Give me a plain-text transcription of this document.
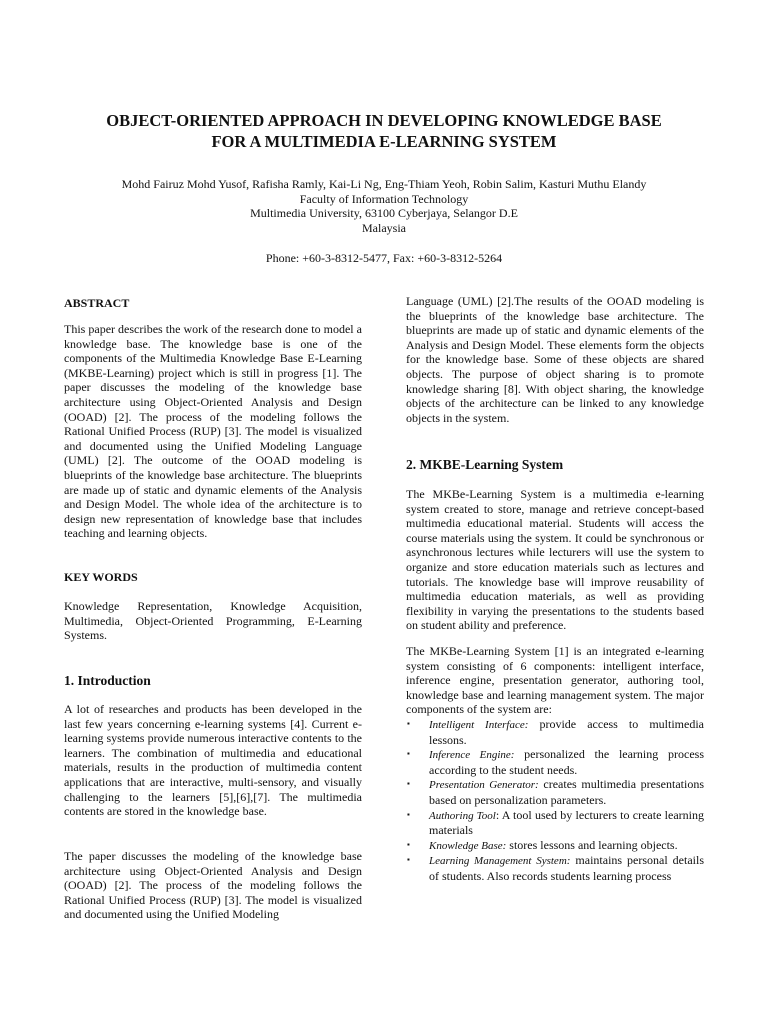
OBJECT-ORIENTED APPROACH IN DEVELOPING KNOWLEDGE BASE
FOR A MULTIMEDIA E-LEARNING SYSTEM
Mohd Fairuz Mohd Yusof, Rafisha Ramly, Kai-Li Ng, Eng-Thiam Yeoh, Robin Salim, Kasturi Muthu Elandy
Faculty of Information Technology
Multimedia University, 63100 Cyberjaya, Selangor D.E
Malaysia
Phone: +60-3-8312-5477, Fax: +60-3-8312-5264
ABSTRACT

This paper describes the work of the research done to model a knowledge base. The knowledge base is one of the components of the Multimedia Knowledge Base E-Learning (MKBE-Learning) project which is still in progress [1]. The paper discusses the modeling of the knowledge base architecture using Object-Oriented Analysis and Design (OOAD) [2]. The process of the modeling follows the Rational Unified Process (RUP) [3]. The model is visualized and documented using the Unified Modeling Language (UML) [2]. The outcome of the OOAD modeling is blueprints of the knowledge base architecture. The blueprints are made up of static and dynamic elements of the Analysis and Design Model. The whole idea of the architecture is to design new representation of knowledge base that includes teaching and learning objects.

KEY WORDS

Knowledge Representation, Knowledge Acquisition, Multimedia, Object-Oriented Programming, E-Learning Systems.

1. Introduction

A lot of researches and products has been developed in the last few years concerning e-learning systems [4]. Current e-learning systems provide numerous interactive contents to the learners. The combination of multimedia and educational materials, results in the production of multimedia content applications that are interactive, multi-sensory, and visually challenging to the learners [5],[6],[7]. The multimedia contents are stored in the knowledge base.

The paper discusses the modeling of the knowledge base architecture using Object-Oriented Analysis and Design (OOAD) [2]. The process of the modeling follows the Rational Unified Process (RUP) [3]. The model is visualized and documented using the Unified Modeling

Language (UML) [2].The results of the OOAD modeling is the blueprints of the knowledge base architecture. The blueprints are made up of static and dynamic elements of the Analysis and Design Model. These elements form the objects for the knowledge base. Some of these objects are shared objects. The purpose of object sharing is to promote knowledge sharing [8]. With object sharing, the knowledge objects of the architecture can be linked to any knowledge objects in the system.

2. MKBE-Learning System

The MKBe-Learning System is a multimedia e-learning system created to store, manage and retrieve concept-based multimedia educational material. Students will access the course materials using the system. It could be synchronous or asynchronous lectures while lecturers will use the system to organize and store education materials such as lectures and tutorials. The knowledge base will improve reusability of multimedia education materials, as well as providing flexibility in varying the presentations to the students based on student ability and preference.

The MKBe-Learning System [1] is an integrated e-learning system consisting of 6 components: intelligent interface, inference engine, presentation generator, authoring tool, knowledge base and learning management system. The major components of the system are:

▪ Intelligent Interface: provide access to multimedia lessons.
▪ Inference Engine: personalized the learning process according to the student needs.
▪ Presentation Generator: creates multimedia presentations based on personalization parameters.
▪ Authoring Tool: A tool used by lecturers to create learning materials
▪ Knowledge Base: stores lessons and learning objects.
▪ Learning Management System: maintains personal details of students. Also records students learning process
